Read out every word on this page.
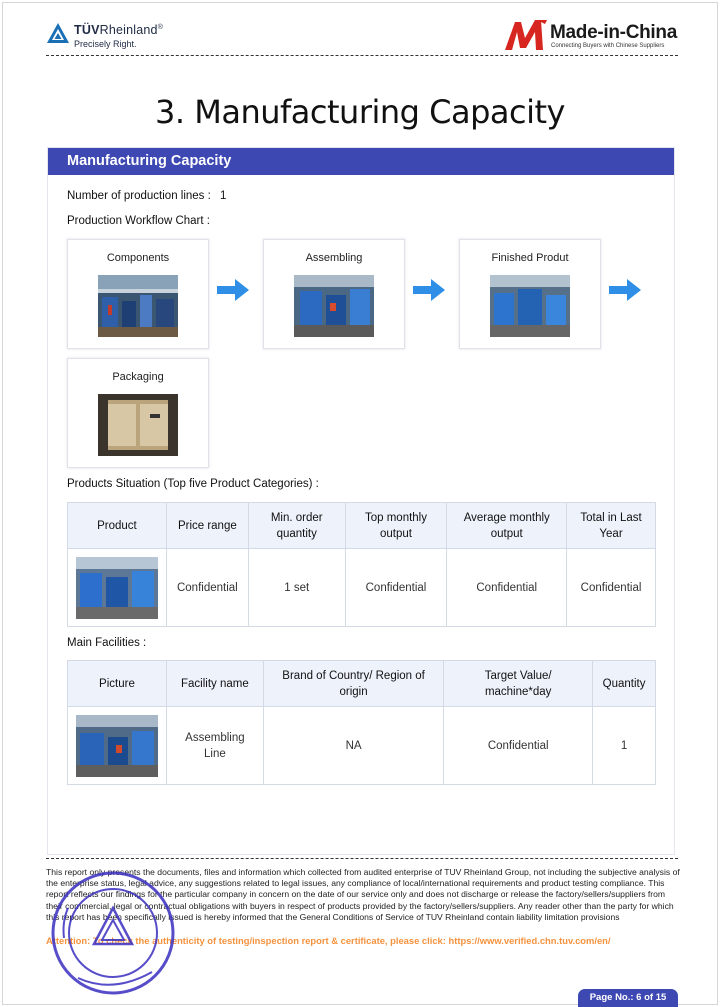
TÜVRheinland®
Precisely Right.
Made-in-China
Connecting Buyers with Chinese Suppliers
3. Manufacturing Capacity
Manufacturing Capacity
Number of production lines : 1
Production Workflow Chart :
Components	Assembling	Finished Produt
Packaging
Products Situation (Top five Product Categories) :
Product	Price range	Min. order quantity	Top monthly output	Average monthly output	Total in Last Year

	Confidential	1 set	Confidential	Confidential	Confidential
Main Facilities :
Picture	Facility name	Brand of Country/ Region of origin	Target Value/ machine*day	Quantity

	Assembling Line	NA	Confidential	1
This report only presents the documents, files and information which collected from audited enterprise of TUV Rheinland Group, not including the subjective analysis of the enterprise status, legal advice, any suggestions related to legal issues, any compliance of local/international requirements and product testing compliance. This report reflects our findings for the particular company in concern on the date of our service only and does not discharge or release the factory/sellers/suppliers from their commercial, legal or contractual obligations with buyers in respect of products provided by the factory/sellers/suppliers. Any reader other than the party for which this report has been specifically issued is hereby informed that the General Conditions of Service of TUV Rheinland contain liability limitation provisions
Attention: To check the authenticity of testing/inspection report & certificate, please click: https://www.verified.chn.tuv.com/en/
Page No.: 6 of 15
